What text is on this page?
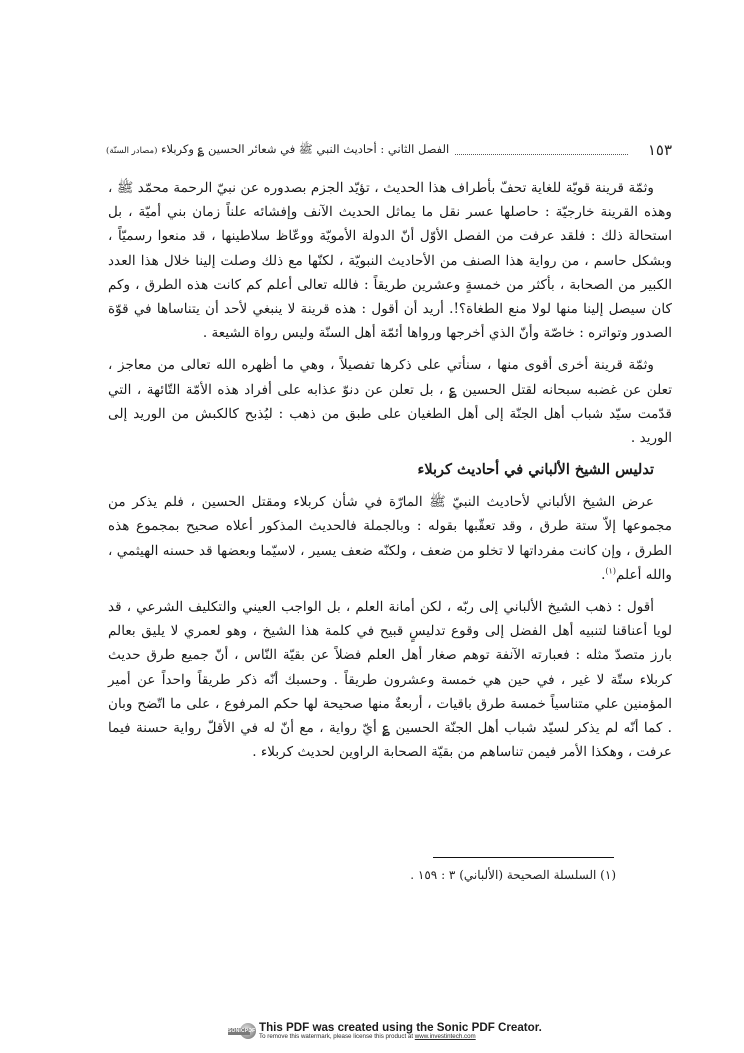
الفصل الثاني : أحاديث النبي ﷺ في شعائر الحسين ؏ وكربلاء (مصادر السنّة)	١٥٣

وثمّة قرينة قويّة للغاية تحفّ بأطراف هذا الحديث ، تؤيّد الجزم بصدوره عن نبيّ الرحمة محمّد ﷺ ، وهذه القرينة خارجيّة : حاصلها عسر نقل ما يماثل الحديث الآنف وإفشائه علناً زمان بني أميّة ، بل استحالة ذلك : فلقد عرفت من الفصل الأوّل أنّ الدولة الأمويّة ووعّاظ سلاطينها ، قد منعوا رسميّاً ، وبشكل حاسم ، من رواية هذا الصنف من الأحاديث النبويّة ، لكنّها مع ذلك وصلت إلينا خلال هذا العدد الكبير من الصحابة ، بأكثر من خمسةٍ وعشرين طريقاً : فالله تعالى أعلم كم كانت هذه الطرق ، وكم كان سيصل إلينا منها لولا منع الطغاة؟!. أريد أن أقول : هذه قرينة لا ينبغي لأحد أن يتناساها في قوّة الصدور وتواتره : خاصّة وأنّ الذي أخرجها ورواها أئمّة أهل السنّة وليس رواة الشيعة .

وثمّة قرينة أخرى أقوى منها ، سنأتي على ذكرها تفصيلاً ، وهي ما أظهره الله تعالى من معاجز ، تعلن عن غضبه سبحانه لقتل الحسين ؏ ، بل تعلن عن دنوّ عذابه على أفراد هذه الأمّة التّائهة ، التي قدّمت سيّد شباب أهل الجنّة إلى أهل الطغيان على طبق من ذهب : ليُذبح كالكبش من الوريد إلى الوريد .

تدليس الشيخ الألباني في أحاديث كربلاء

عرض الشيخ الألباني لأحاديث النبيّ ﷺ المارّة في شأن كربلاء ومقتل الحسين ، فلم يذكر من مجموعها إلاّ ستة طرق ، وقد تعقّبها بقوله : وبالجملة فالحديث المذكور أعلاه صحيح بمجموع هذه الطرق ، وإن كانت مفرداتها لا تخلو من ضعف ، ولكنّه ضعف يسير ، لاسيّما وبعضها قد حسنه الهيثمي ، والله أعلم$^{(١)}$.

أقول : ذهب الشيخ الألباني إلى ربّه ، لكن أمانة العلم ، بل الواجب العيني والتكليف الشرعي ، قد لويا أعناقنا لتنبيه أهل الفضل إلى وقوع تدليسٍ قبيح في كلمة هذا الشيخ ، وهو لعمري لا يليق بعالم بارز متصدّ مثله : فعبارته الآنفة توهم صغار أهل العلم فضلاً عن بقيّة النّاس ، أنّ جميع طرق حديث كربلاء ستّة لا غير ، في حين هي خمسة وعشرون طريقاً . وحسبك أنّه ذكر طريقاً واحداً عن أمير المؤمنين علي متناسياً خمسة طرق باقيات ، أربعةٌ منها صحيحة لها حكم المرفوع ، على ما اتّضح وبان . كما أنّه لم يذكر لسيّد شباب أهل الجنّة الحسين ؏ أيّ رواية ، مع أنّ له في الأقلّ رواية حسنة فيما عرفت ، وهكذا الأمر فيمن تناساهم من بقيّة الصحابة الراوين لحديث كربلاء .

(١) السلسلة الصحيحة (الألباني) ٣ : ١٥٩ .
SONICPDF This PDF was created using the Sonic PDF Creator.
To remove this watermark, please license this product at www.investintech.com
